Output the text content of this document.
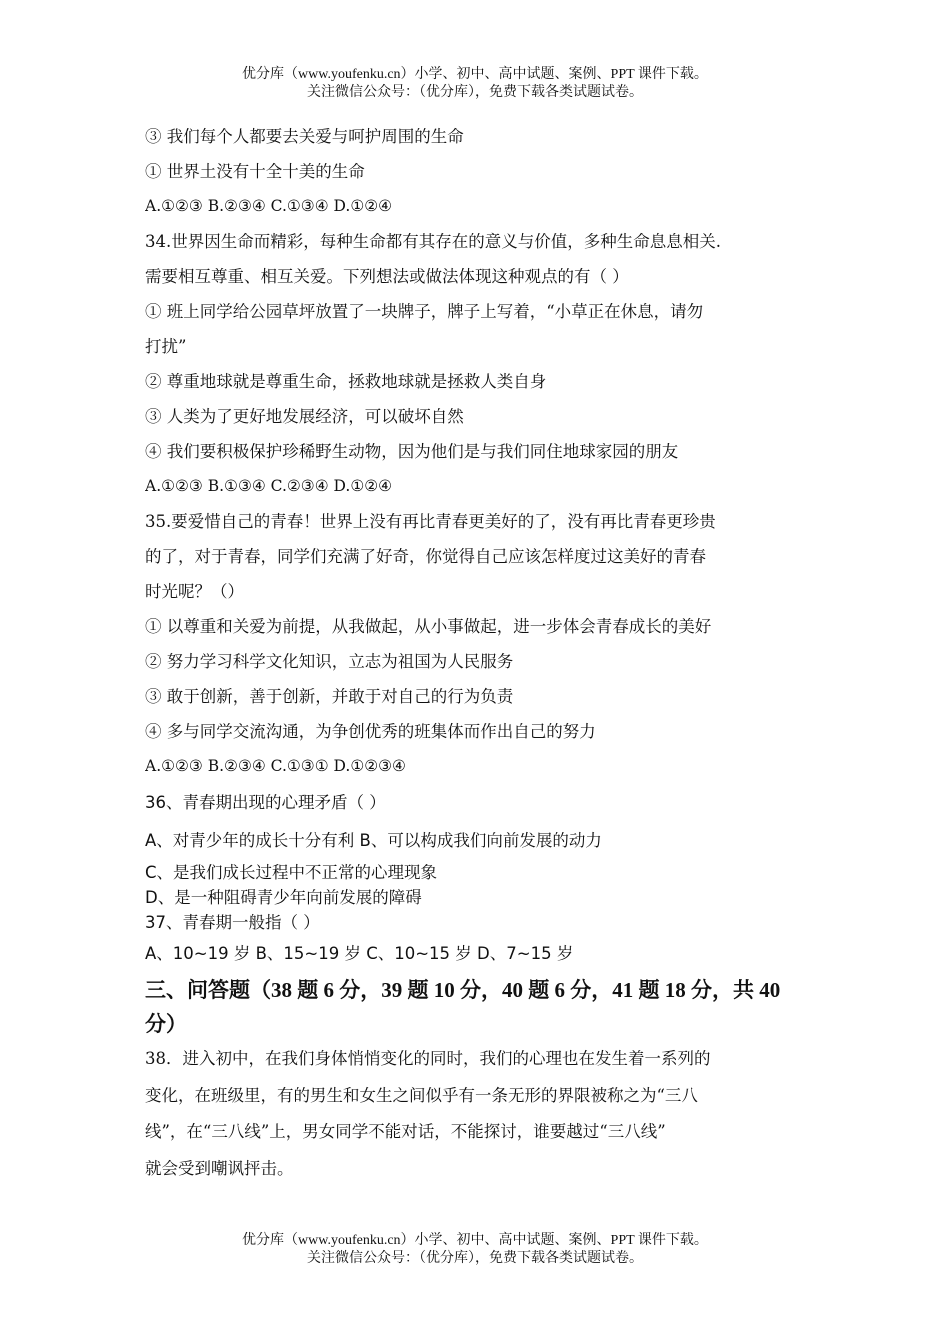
优分库（www.youfenku.cn）小学、初中、高中试题、案例、PPT 课件下载。
关注微信公众号：（优分库），免费下载各类试题试卷。
③ 我们每个人都要去关爱与呵护周围的生命
① 世界土没有十全十美的生命
A.①②③ B.②③④ C.①③④ D.①②④
34.世界因生命而精彩，每种生命都有其存在的意义与价值，多种生命息息相关.
需要相互尊重、相互关爱。下列想法或做法体现这种观点的有（ ）
① 班上同学给公园草坪放置了一块牌子，牌子上写着，“小草正在休息，请勿
打扰”
② 尊重地球就是尊重生命，拯救地球就是拯救人类自身
③ 人类为了更好地发展经济，可以破坏自然
④ 我们要积极保护珍稀野生动物，因为他们是与我们同住地球家园的朋友
A.①②③ B.①③④ C.②③④ D.①②④
35.要爱惜自己的青春！世界上没有再比青春更美好的了，没有再比青春更珍贵
的了，对于青春，同学们充满了好奇，你觉得自己应该怎样度过这美好的青春
时光呢？（）
① 以尊重和关爱为前提，从我做起，从小事做起，进一步体会青春成长的美好
② 努力学习科学文化知识，立志为祖国为人民服务
③ 敢于创新，善于创新，并敢于对自己的行为负责
④ 多与同学交流沟通，为争创优秀的班集体而作出自己的努力
A.①②③ B.②③④ C.①③① D.①②③④
36、青春期出现的心理矛盾（ ）
A、对青少年的成长十分有利 B、可以构成我们向前发展的动力
C、是我们成长过程中不正常的心理现象
D、是一种阻碍青少年向前发展的障碍
37、青春期一般指（ ）
A、10~19 岁 B、15~19 岁 C、10~15 岁 D、7~15 岁
三、问答题（38 题 6 分，39 题 10 分，40 题 6 分，41 题 18 分，共 40
分）
38．进入初中，在我们身体悄悄变化的同时，我们的心理也在发生着一系列的
变化，在班级里，有的男生和女生之间似乎有一条无形的界限被称之为“三八
线”，在“三八线”上，男女同学不能对话，不能探讨，谁要越过“三八线”
就会受到嘲讽抨击。
优分库（www.youfenku.cn）小学、初中、高中试题、案例、PPT 课件下载。
关注微信公众号：（优分库），免费下载各类试题试卷。
